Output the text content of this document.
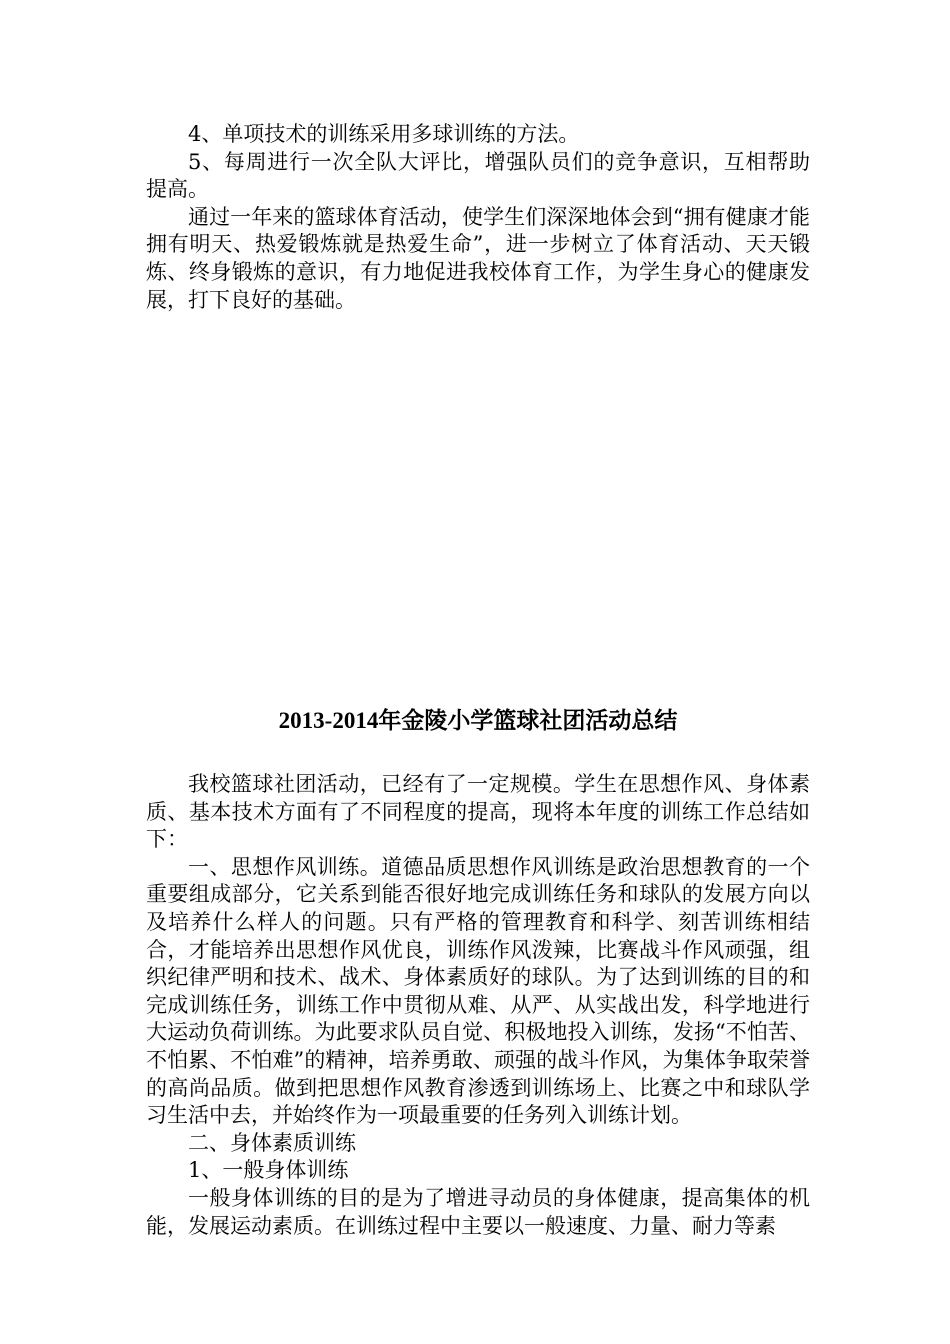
4、单项技术的训练采用多球训练的方法。

5、每周进行一次全队大评比，增强队员们的竞争意识，互相帮助提高。

通过一年来的篮球体育活动，使学生们深深地体会到“拥有健康才能拥有明天、热爱锻炼就是热爱生命”，进一步树立了体育活动、天天锻炼、终身锻炼的意识，有力地促进我校体育工作，为学生身心的健康发展，打下良好的基础。

2013-2014年金陵小学篮球社团活动总结

我校篮球社团活动，已经有了一定规模。学生在思想作风、身体素质、基本技术方面有了不同程度的提高，现将本年度的训练工作总结如下：

一、思想作风训练。道德品质思想作风训练是政治思想教育的一个重要组成部分，它关系到能否很好地完成训练任务和球队的发展方向以及培养什么样人的问题。只有严格的管理教育和科学、刻苦训练相结合，才能培养出思想作风优良，训练作风泼辣，比赛战斗作风顽强，组织纪律严明和技术、战术、身体素质好的球队。为了达到训练的目的和完成训练任务，训练工作中贯彻从难、从严、从实战出发，科学地进行大运动负荷训练。为此要求队员自觉、积极地投入训练，发扬“不怕苦、不怕累、不怕难”的精神，培养勇敢、顽强的战斗作风，为集体争取荣誉的高尚品质。做到把思想作风教育渗透到训练场上、比赛之中和球队学习生活中去，并始终作为一项最重要的任务列入训练计划。

二、身体素质训练

1、一般身体训练

一般身体训练的目的是为了增进寻动员的身体健康，提高集体的机能，发展运动素质。在训练过程中主要以一般速度、力量、耐力等素
